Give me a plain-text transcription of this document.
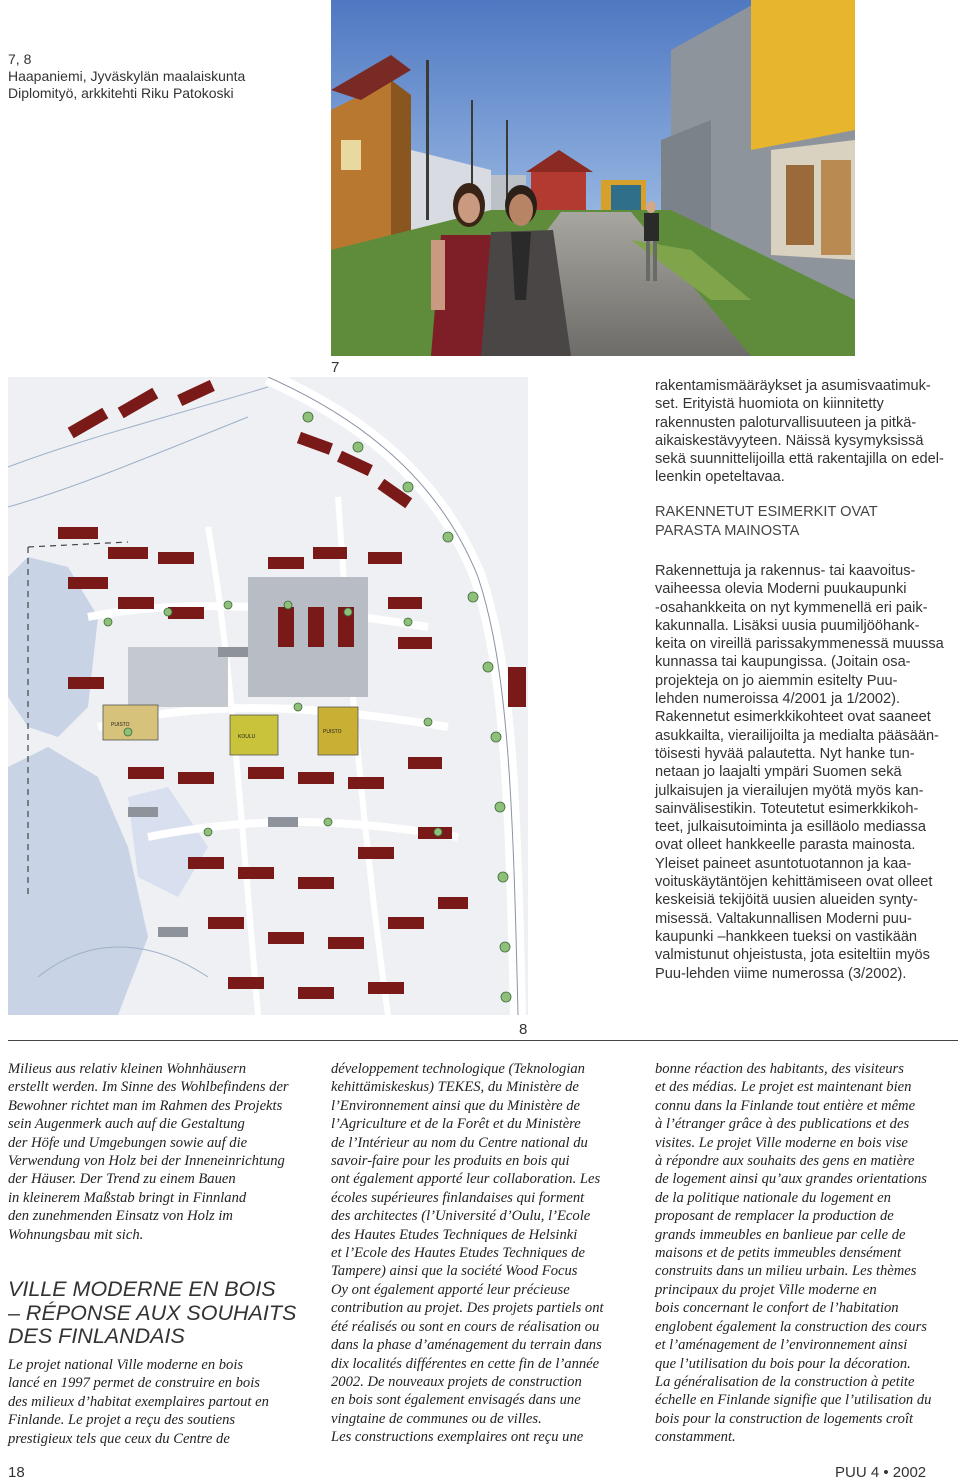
7, 8
Haapaniemi, Jyväskylän maalaiskunta
Diplomityö, arkkitehti Riku Patokoski
7
PUISTO
KOULU
PUISTO
8
rakentamismääräykset ja asumisvaatimuk-
set. Erityistä huomiota on kiinnitetty
rakennusten paloturvallisuuteen ja pitkä-
aikaiskestävyyteen. Näissä kysymyksissä
sekä suunnittelijoilla että rakentajilla on edel-
leenkin opeteltavaa.
RAKENNETUT ESIMERKIT OVAT
PARASTA MAINOSTA
Rakennettuja ja rakennus- tai kaavoitus-
vaiheessa olevia Moderni puukaupunki
-osahankkeita on nyt kymmenellä eri paik-
kakunnalla. Lisäksi uusia puumiljööhank-
keita on vireillä parissakymmenessä muussa
kunnassa tai kaupungissa. (Joitain osa-
projekteja on jo aiemmin esitelty Puu-
lehden numeroissa 4/2001 ja 1/2002).
Rakennetut esimerkkikohteet ovat saaneet
asukkailta, vierailijoilta ja medialta pääsään-
töisesti hyvää palautetta. Nyt hanke tun-
netaan jo laajalti ympäri Suomen sekä
julkaisujen ja vierailujen myötä myös kan-
sainvälisestikin. Toteutetut esimerkkikoh-
teet, julkaisutoiminta ja esilläolo mediassa
ovat olleet hankkeelle parasta mainosta.
Yleiset paineet asuntotuotannon ja kaa-
voituskäytäntöjen kehittämiseen ovat olleet
keskeisiä tekijöitä uusien alueiden synty-
misessä. Valtakunnallisen Moderni puu-
kaupunki –hankkeen tueksi on vastikään
valmistunut ohjeistusta, jota esiteltiin myös
Puu-lehden viime numerossa (3/2002).
Milieus aus relativ kleinen Wohnhäusern
erstellt werden. Im Sinne des Wohlbefindens der
Bewohner richtet man im Rahmen des Projekts
sein Augenmerk auch auf die Gestaltung
der Höfe und Umgebungen sowie auf die
Verwendung von Holz bei der Inneneinrichtung
der Häuser. Der Trend zu einem Bauen
in kleinerem Maßstab bringt in Finnland
den zunehmenden Einsatz von Holz im
Wohnungsbau mit sich.
VILLE MODERNE EN BOIS
– RÉPONSE AUX SOUHAITS
DES FINLANDAIS
Le projet national Ville moderne en bois
lancé en 1997 permet de construire en bois
des milieux d’habitat exemplaires partout en
Finlande. Le projet a reçu des soutiens
prestigieux tels que ceux du Centre de
développement technologique (Teknologian
kehittämiskeskus) TEKES, du Ministère de
l’Environnement ainsi que du Ministère de
l’Agriculture et de la Forêt et du Ministère
de l’Intérieur au nom du Centre national du
savoir-faire pour les produits en bois qui
ont également apporté leur collaboration. Les
écoles supérieures finlandaises qui forment
des architectes (l’Université d’Oulu, l’Ecole
des Hautes Etudes Techniques de Helsinki
et l’Ecole des Hautes Etudes Techniques de
Tampere) ainsi que la société Wood Focus
Oy ont également apporté leur précieuse
contribution au projet. Des projets partiels ont
été réalisés ou sont en cours de réalisation ou
dans la phase d’aménagement du terrain dans
dix localités différentes en cette fin de l’année
2002. De nouveaux projets de construction
en bois sont également envisagés dans une
vingtaine de communes ou de villes.
Les constructions exemplaires ont reçu une
bonne réaction des habitants, des visiteurs
et des médias. Le projet est maintenant bien
connu dans la Finlande tout entière et même
à l’étranger grâce à des publications et des
visites. Le projet Ville moderne en bois vise
à répondre aux souhaits des gens en matière
de logement ainsi qu’aux grandes orientations
de la politique nationale du logement en
proposant de remplacer la production de
grands immeubles en banlieue par celle de
maisons et de petits immeubles densément
construits dans un milieu urbain. Les thèmes
principaux du projet Ville moderne en
bois concernant le confort de l’habitation
englobent également la construction des cours
et l’aménagement de l’environnement ainsi
que l’utilisation du bois pour la décoration.
La généralisation de la construction à petite
échelle en Finlande signifie que l’utilisation du
bois pour la construction de logements croît
constamment.
18	PUU 4 • 2002
